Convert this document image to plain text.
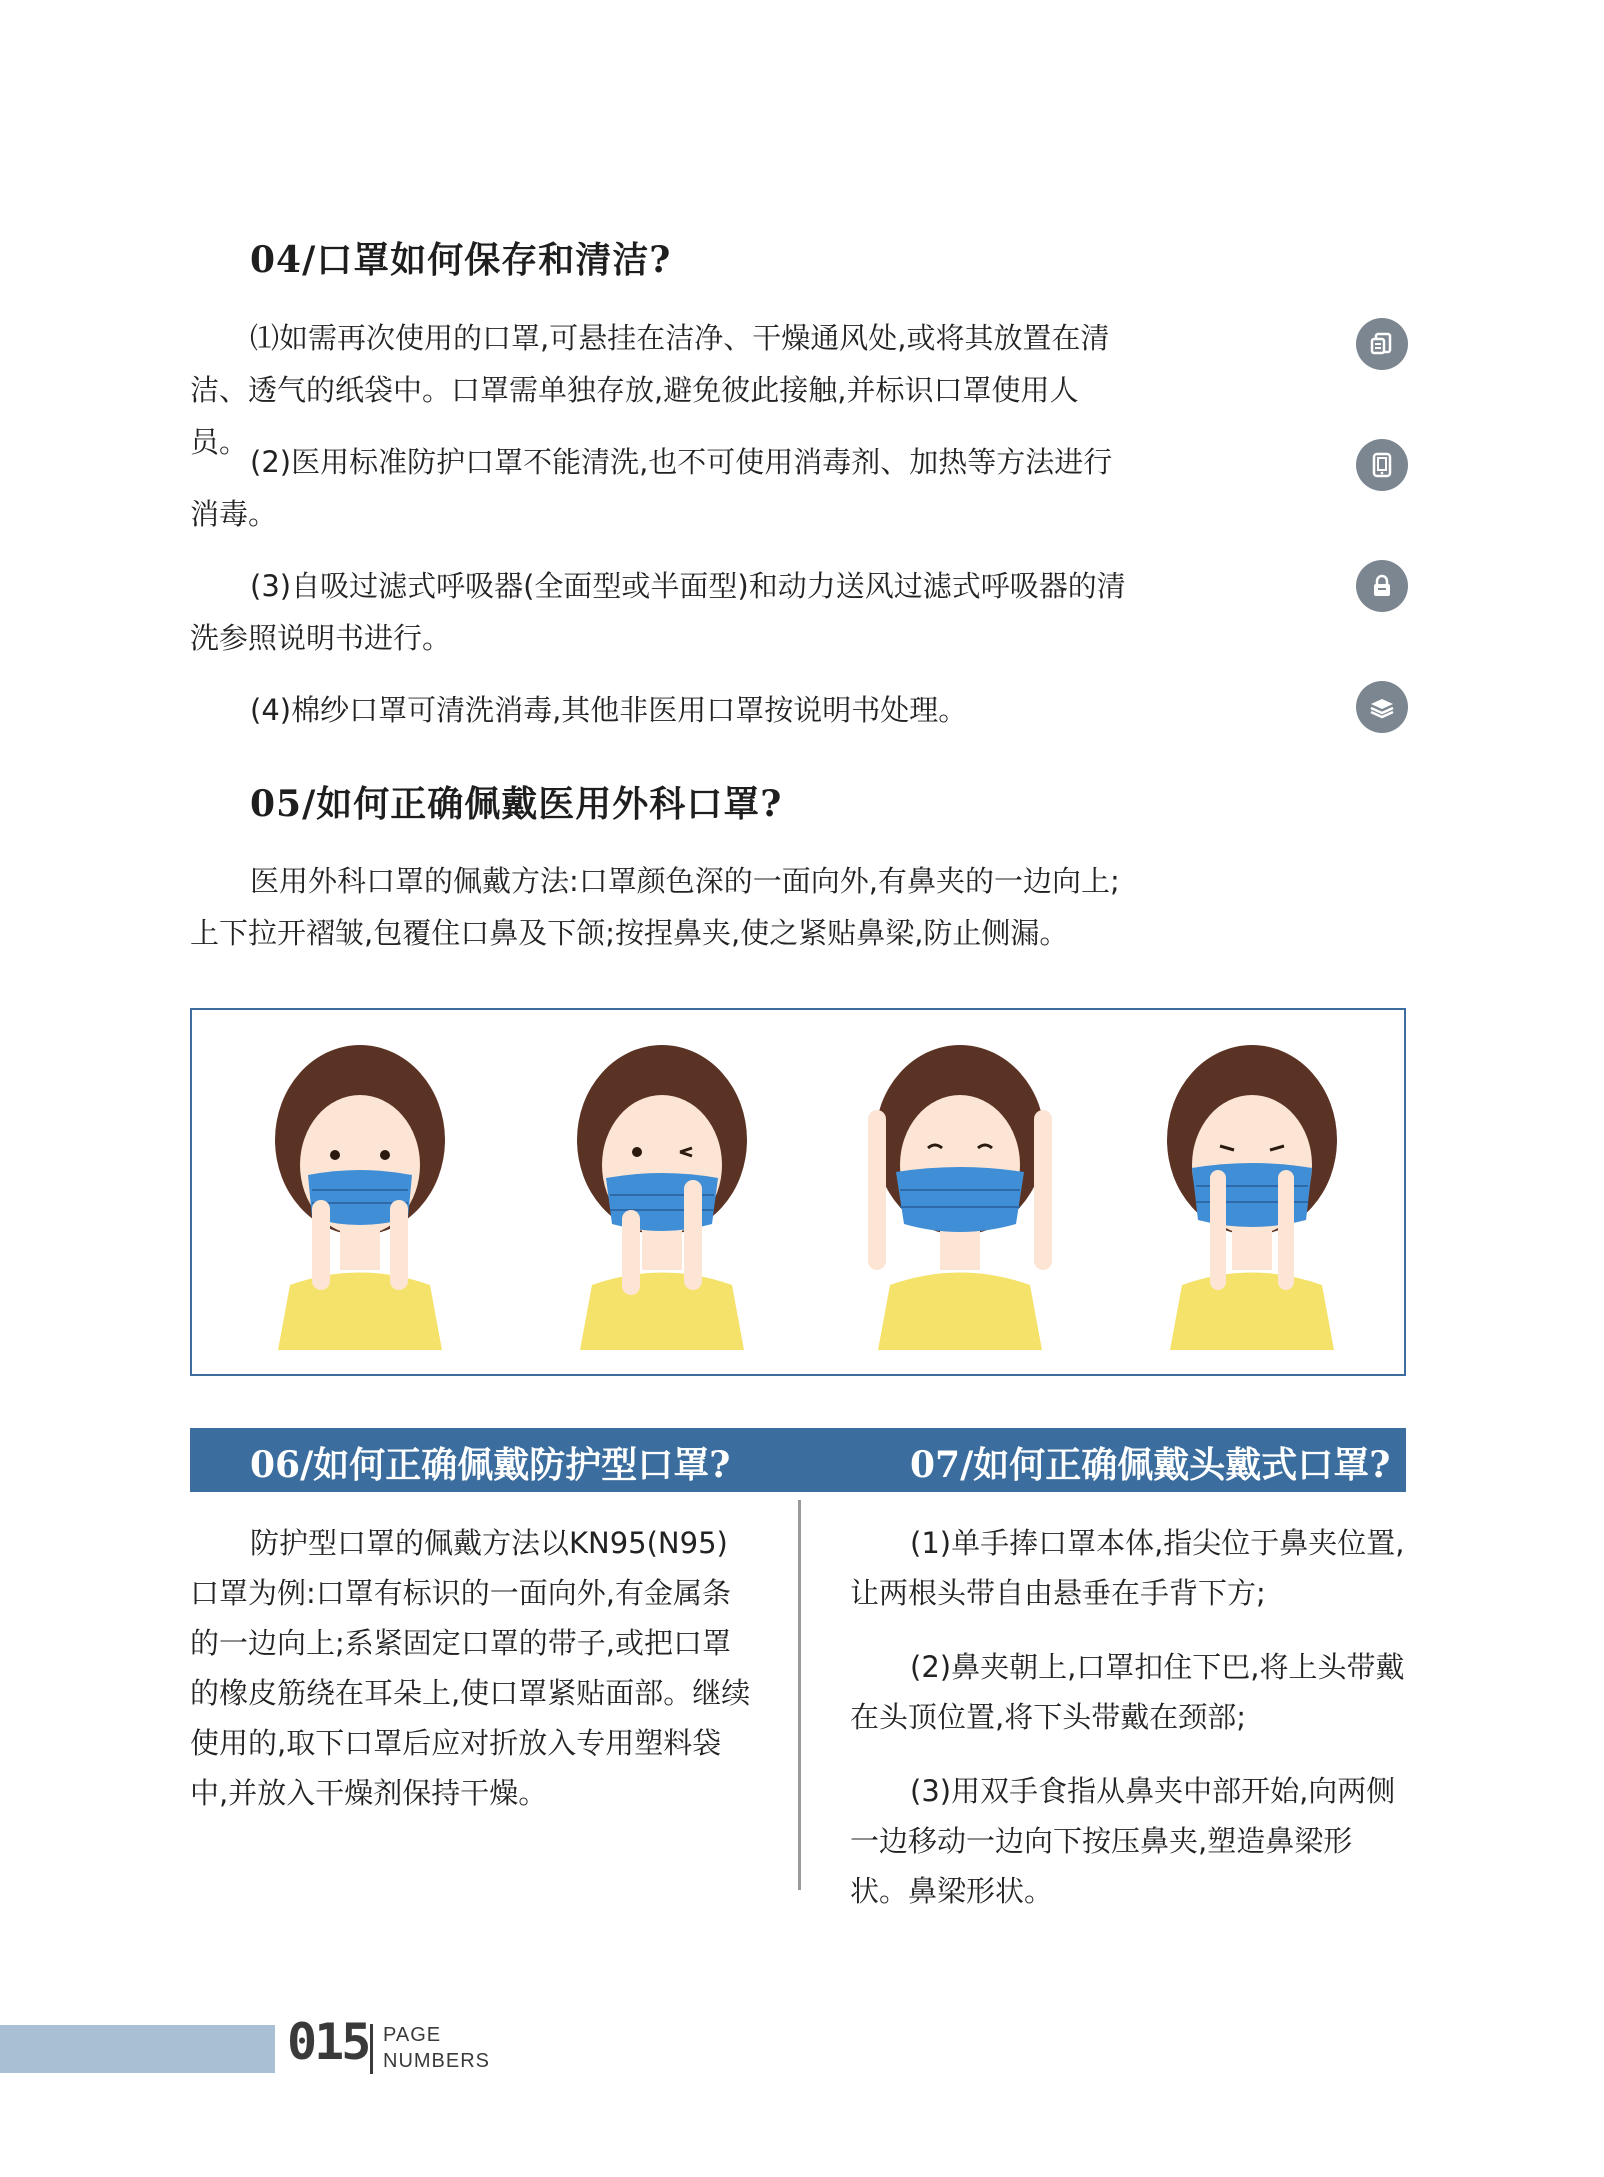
04/口罩如何保存和清洁?

⑴如需再次使用的口罩,可悬挂在洁净、干燥通风处,或将其放置在清洁、透气的纸袋中。口罩需单独存放,避免彼此接触,并标识口罩使用人员。

(2)医用标准防护口罩不能清洗,也不可使用消毒剂、加热等方法进行消毒。

(3)自吸过滤式呼吸器(全面型或半面型)和动力送风过滤式呼吸器的清洗参照说明书进行。

(4)棉纱口罩可清洗消毒,其他非医用口罩按说明书处理。

05/如何正确佩戴医用外科口罩?

医用外科口罩的佩戴方法:口罩颜色深的一面向外,有鼻夹的一边向上;上下拉开褶皱,包覆住口鼻及下颌;按捏鼻夹,使之紧贴鼻梁,防止侧漏。

06/如何正确佩戴防护型口罩?	07/如何正确佩戴头戴式口罩?

防护型口罩的佩戴方法以KN95(N95)口罩为例:口罩有标识的一面向外,有金属条的一边向上;系紧固定口罩的带子,或把口罩的橡皮筋绕在耳朵上,使口罩紧贴面部。继续使用的,取下口罩后应对折放入专用塑料袋中,并放入干燥剂保持干燥。

(1)单手捧口罩本体,指尖位于鼻夹位置,让两根头带自由悬垂在手背下方;

(2)鼻夹朝上,口罩扣住下巴,将上头带戴在头顶位置,将下头带戴在颈部;

(3)用双手食指从鼻夹中部开始,向两侧一边移动一边向下按压鼻夹,塑造鼻梁形状。鼻梁形状。

015 PAGE
NUMBERS
